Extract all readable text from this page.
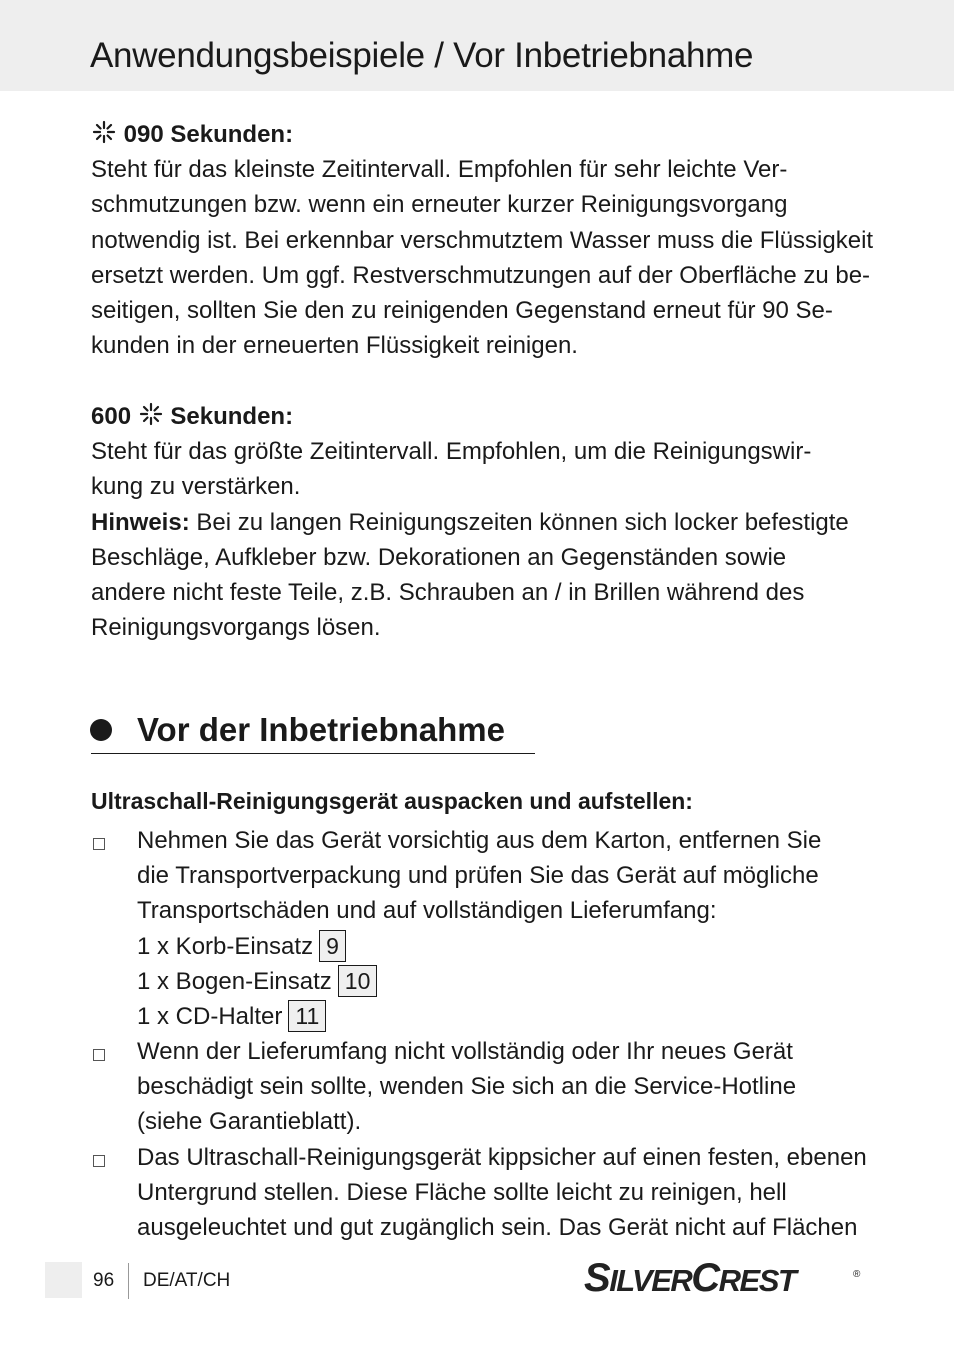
Anwendungsbeispiele / Vor Inbetriebnahme
090 Sekunden:
Steht für das kleinste Zeitintervall. Empfohlen für sehr leichte Ver-
schmutzungen bzw. wenn ein erneuter kurzer Reinigungsvorgang
notwendig ist. Bei erkennbar verschmutztem Wasser muss die Flüssigkeit
ersetzt werden. Um ggf. Restverschmutzungen auf der Oberfläche zu be-
seitigen, sollten Sie den zu reinigenden Gegenstand erneut für 90 Se-
kunden in der erneuerten Flüssigkeit reinigen.
600 Sekunden:
Steht für das größte Zeitintervall. Empfohlen, um die Reinigungswir-
kung zu verstärken.
Hinweis: Bei zu langen Reinigungszeiten können sich locker befestigte
Beschläge, Aufkleber bzw. Dekorationen an Gegenständen sowie
andere nicht feste Teile, z.B. Schrauben an / in Brillen während des
Reinigungsvorgangs lösen.
Vor der Inbetriebnahme
Ultraschall-Reinigungsgerät auspacken und aufstellen:
Nehmen Sie das Gerät vorsichtig aus dem Karton, entfernen Sie
die Transportverpackung und prüfen Sie das Gerät auf mögliche
Transportschäden und auf vollständigen Lieferumfang:
1 x Korb-Einsatz 9
1 x Bogen-Einsatz 10
1 x CD-Halter 11
Wenn der Lieferumfang nicht vollständig oder Ihr neues Gerät
beschädigt sein sollte, wenden Sie sich an die Service-Hotline
(siehe Garantieblatt).
Das Ultraschall-Reinigungsgerät kippsicher auf einen festen, ebenen
Untergrund stellen. Diese Fläche sollte leicht zu reinigen, hell
ausgeleuchtet und gut zugänglich sein. Das Gerät nicht auf Flächen
96 DE/AT/CH	SILVERCREST	®
